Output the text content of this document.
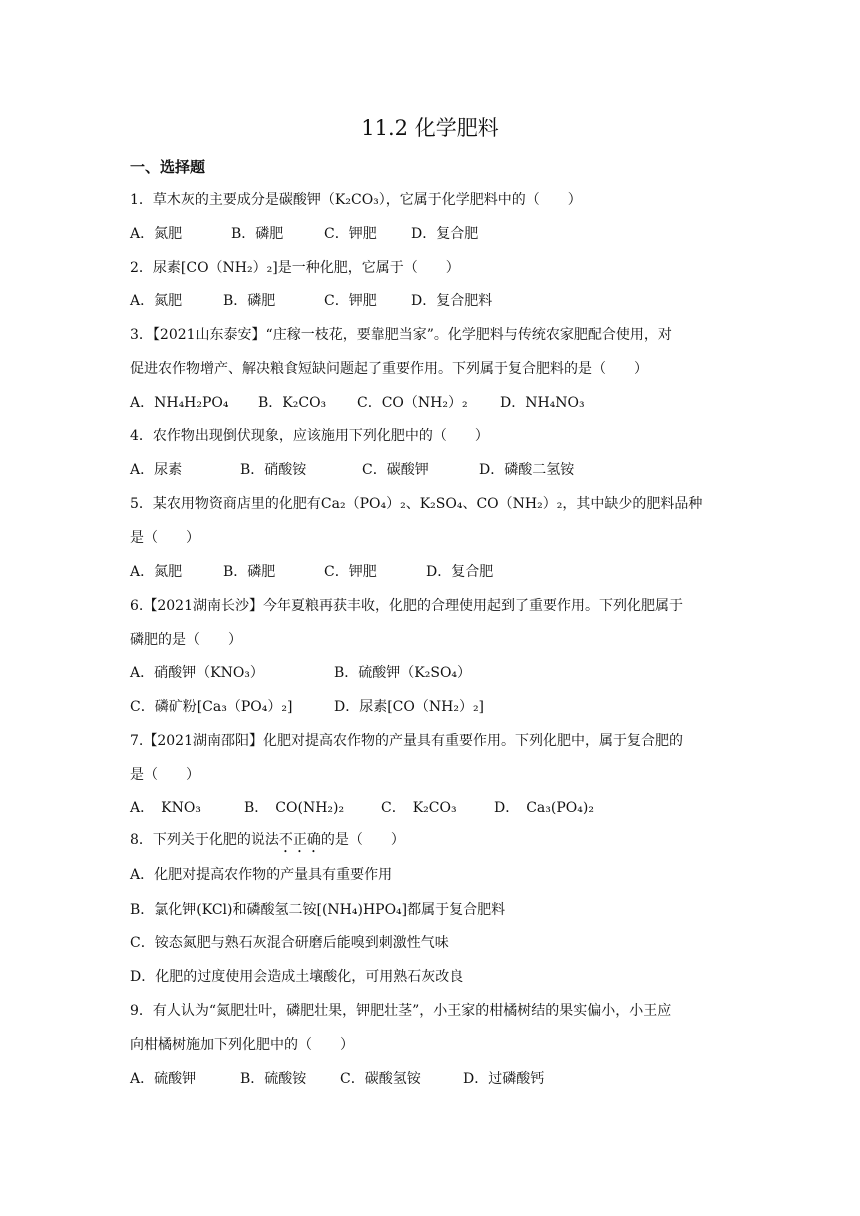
11.2 化学肥料
一、选择题
1．草木灰的主要成分是碳酸钾（K₂CO₃），它属于化学肥料中的（　　）
A．氮肥	B．磷肥	C．钾肥 D．复合肥
2．尿素[CO（NH₂）₂]是一种化肥，它属于（　　）
A．氮肥	B．磷肥	C．钾肥 D．复合肥料
3．【2021山东泰安】“庄稼一枝花，要靠肥当家”。化学肥料与传统农家肥配合使用，对
促进农作物增产、解决粮食短缺问题起了重要作用。下列属于复合肥料的是（　　）
A．NH₄H₂PO₄ B．K₂CO₃ C．CO（NH₂）₂ D．NH₄NO₃
4．农作物出现倒伏现象，应该施用下列化肥中的（　　）
A．尿素	B．硝酸铵	C．碳酸钾	D．磷酸二氢铵
5．某农用物资商店里的化肥有Ca₂（PO₄）₂、K₂SO₄、CO（NH₂）₂，其中缺少的肥料品种
是（　　）
A．氮肥	B．磷肥	C．钾肥	D．复合肥
6.【2021湖南长沙】今年夏粮再获丰收，化肥的合理使用起到了重要作用。下列化肥属于
磷肥的是（　　）
A．硝酸钾（KNO₃）	B．硫酸钾（K₂SO₄）
C．磷矿粉[Ca₃（PO₄）₂]	D．尿素[CO（NH₂）₂]
7.【2021湖南邵阳】化肥对提高农作物的产量具有重要作用。下列化肥中，属于复合肥的
是（　　）
A．　KNO₃	B．　CO(NH₂)₂	C．　K₂CO₃	D．　Ca₃(PO₄)₂
8．下列关于化肥的说法不正确的是（　　）
A．化肥对提高农作物的产量具有重要作用
B．氯化钾(KCl)和磷酸氢二铵[(NH₄)HPO₄]都属于复合肥料
C．铵态氮肥与熟石灰混合研磨后能嗅到刺激性气味
D．化肥的过度使用会造成土壤酸化，可用熟石灰改良
9．有人认为“氮肥壮叶，磷肥壮果，钾肥壮茎”，小王家的柑橘树结的果实偏小，小王应
向柑橘树施加下列化肥中的（　　）
A．硫酸钾	B．硫酸铵 C．碳酸氢铵	D．过磷酸钙
